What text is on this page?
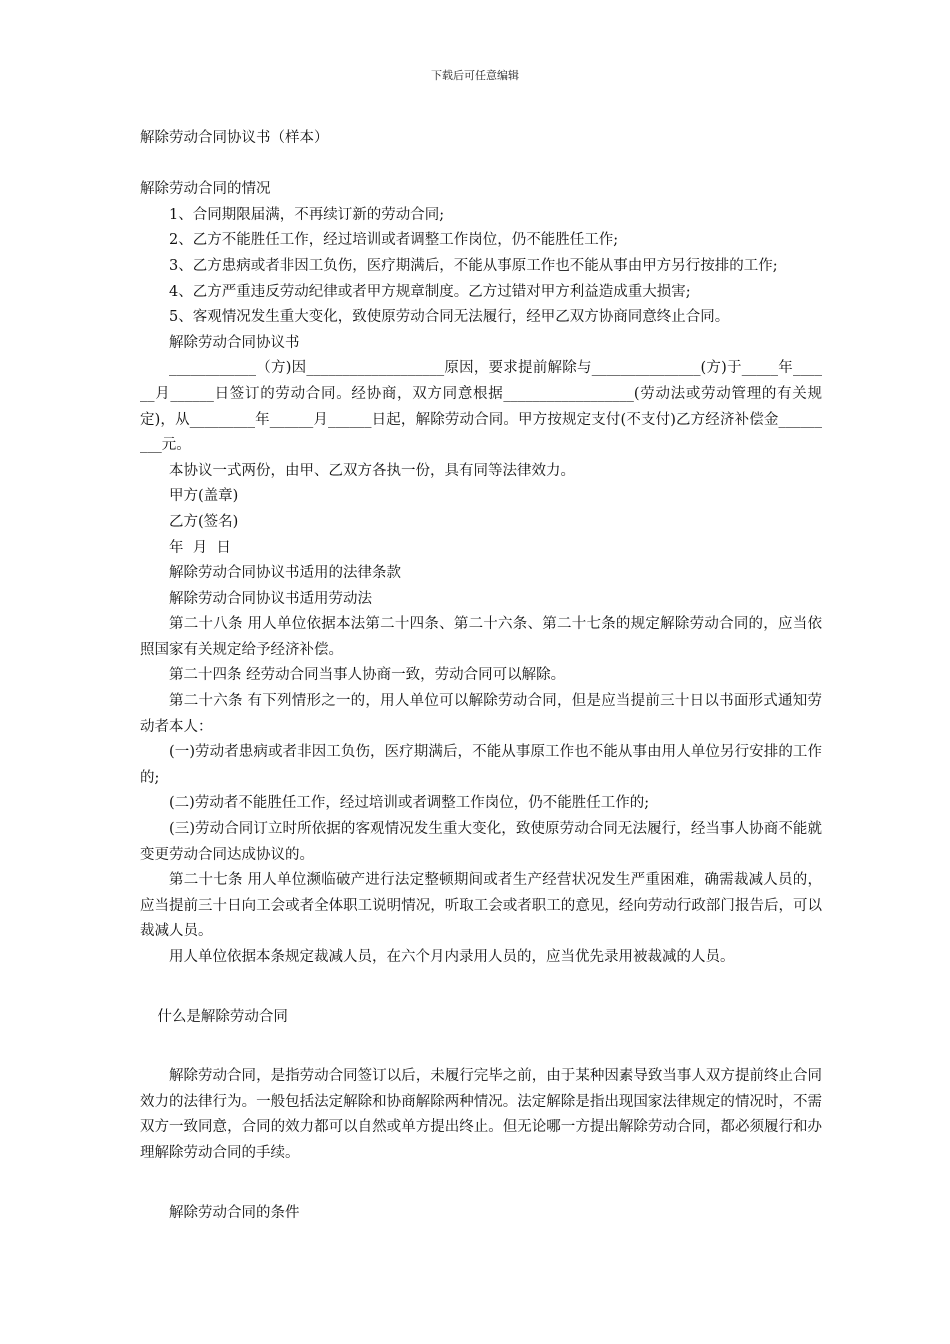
下载后可任意编辑

解除劳动合同协议书（样本）

解除劳动合同的情况

1、合同期限届满，不再续订新的劳动合同;

2、乙方不能胜任工作，经过培训或者调整工作岗位，仍不能胜任工作;

3、乙方患病或者非因工负伤，医疗期满后，不能从事原工作也不能从事由甲方另行按排的工作;

4、乙方严重违反劳动纪律或者甲方规章制度。乙方过错对甲方利益造成重大损害;

5、客观情况发生重大变化，致使原劳动合同无法履行，经甲乙双方协商同意终止合同。

解除劳动合同协议书

____________（方)因___________________原因，要求提前解除与_______________(方)于_____年______月______日签订的劳动合同。经协商，双方同意根据__________________(劳动法或劳动管理的有关规定)，从_________年______月______日起，解除劳动合同。甲方按规定支付(不支付)乙方经济补偿金_________元。

本协议一式两份，由甲、乙双方各执一份，具有同等法律效力。

甲方(盖章)

乙方(签名)

年  月  日

解除劳动合同协议书适用的法律条款

解除劳动合同协议书适用劳动法

第二十八条 用人单位依据本法第二十四条、第二十六条、第二十七条的规定解除劳动合同的，应当依照国家有关规定给予经济补偿。

第二十四条 经劳动合同当事人协商一致，劳动合同可以解除。

第二十六条 有下列情形之一的，用人单位可以解除劳动合同，但是应当提前三十日以书面形式通知劳动者本人：

(一)劳动者患病或者非因工负伤，医疗期满后，不能从事原工作也不能从事由用人单位另行安排的工作的;

(二)劳动者不能胜任工作，经过培训或者调整工作岗位，仍不能胜任工作的;

(三)劳动合同订立时所依据的客观情况发生重大变化，致使原劳动合同无法履行，经当事人协商不能就变更劳动合同达成协议的。

第二十七条 用人单位濒临破产进行法定整顿期间或者生产经营状况发生严重困难，确需裁减人员的，应当提前三十日向工会或者全体职工说明情况，听取工会或者职工的意见，经向劳动行政部门报告后，可以裁减人员。

用人单位依据本条规定裁减人员，在六个月内录用人员的，应当优先录用被裁减的人员。

什么是解除劳动合同

解除劳动合同，是指劳动合同签订以后，未履行完毕之前，由于某种因素导致当事人双方提前终止合同效力的法律行为。一般包括法定解除和协商解除两种情况。法定解除是指出现国家法律规定的情况时，不需双方一致同意，合同的效力都可以自然或单方提出终止。但无论哪一方提出解除劳动合同，都必须履行和办理解除劳动合同的手续。

解除劳动合同的条件
